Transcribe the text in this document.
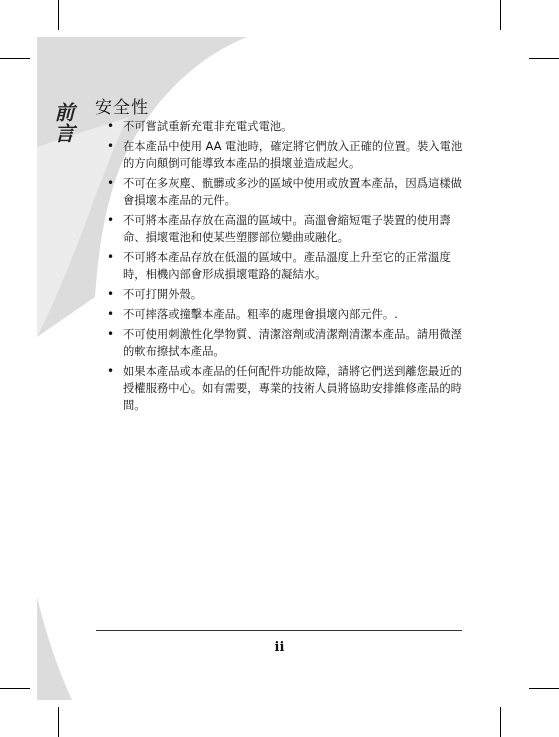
前言 安全性
• 不可嘗試重新充電非充電式電池。
• 在本產品中使用 AA 電池時，確定將它們放入正確的位置。裝入電池的方向顛倒可能導致本產品的損壞並造成起火。
• 不可在多灰塵、骯髒或多沙的區域中使用或放置本產品，因爲這樣做會損壞本產品的元件。
• 不可將本產品存放在高溫的區域中。高溫會縮短電子裝置的使用壽命、損壞電池和使某些塑膠部位變曲或融化。
• 不可將本產品存放在低溫的區域中。產品溫度上升至它的正常溫度時，相機內部會形成損壞電路的凝結水。
• 不可打開外殼。
• 不可摔落或撞擊本產品。粗率的處理會損壞內部元件。.
• 不可使用刺激性化學物質、清潔溶劑或清潔劑清潔本產品。請用微溼的軟布擦拭本產品。
• 如果本產品或本產品的任何配件功能故障，請將它們送到離您最近的授權服務中心。如有需要，專業的技術人員將協助安排維修產品的時間。
ii
